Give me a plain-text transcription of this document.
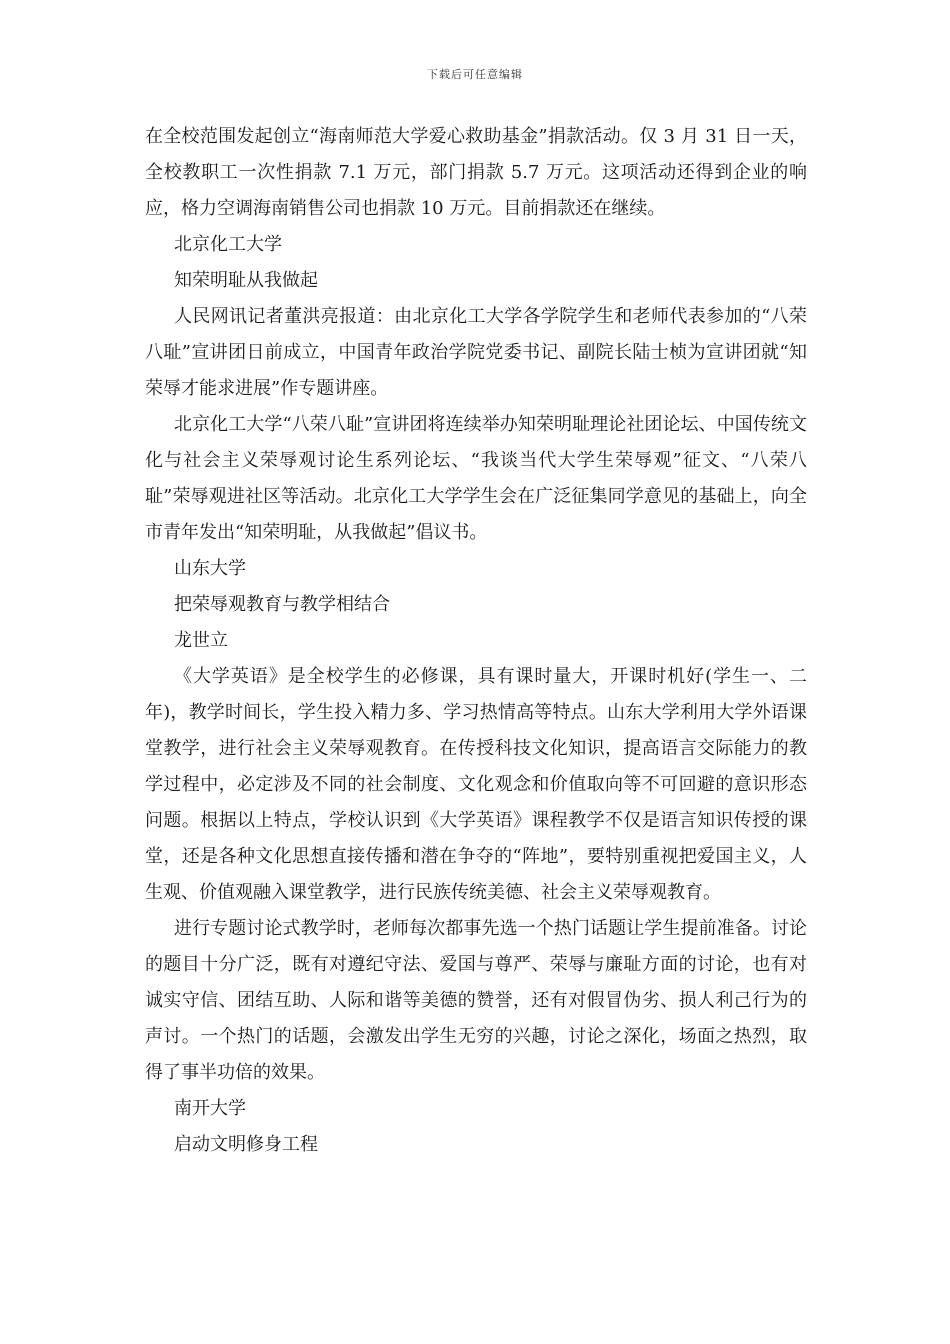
下载后可任意编辑

在全校范围发起创立“海南师范大学爱心救助基金”捐款活动。仅 3 月 31 日一天，全校教职工一次性捐款 7.1 万元，部门捐款 5.7 万元。这项活动还得到企业的响应，格力空调海南销售公司也捐款 10 万元。目前捐款还在继续。

北京化工大学

知荣明耻从我做起

人民网讯记者董洪亮报道：由北京化工大学各学院学生和老师代表参加的“八荣八耻”宣讲团日前成立，中国青年政治学院党委书记、副院长陆士桢为宣讲团就“知荣辱才能求进展”作专题讲座。

北京化工大学“八荣八耻”宣讲团将连续举办知荣明耻理论社团论坛、中国传统文化与社会主义荣辱观讨论生系列论坛、“我谈当代大学生荣辱观”征文、“八荣八耻”荣辱观进社区等活动。北京化工大学学生会在广泛征集同学意见的基础上，向全市青年发出“知荣明耻，从我做起”倡议书。

山东大学

把荣辱观教育与教学相结合

龙世立

《大学英语》是全校学生的必修课，具有课时量大，开课时机好(学生一、二年)，教学时间长，学生投入精力多、学习热情高等特点。山东大学利用大学外语课堂教学，进行社会主义荣辱观教育。在传授科技文化知识，提高语言交际能力的教学过程中，必定涉及不同的社会制度、文化观念和价值取向等不可回避的意识形态问题。根据以上特点，学校认识到《大学英语》课程教学不仅是语言知识传授的课堂，还是各种文化思想直接传播和潜在争夺的“阵地”，要特别重视把爱国主义，人生观、价值观融入课堂教学，进行民族传统美德、社会主义荣辱观教育。

进行专题讨论式教学时，老师每次都事先选一个热门话题让学生提前准备。讨论的题目十分广泛，既有对遵纪守法、爱国与尊严、荣辱与廉耻方面的讨论，也有对诚实守信、团结互助、人际和谐等美德的赞誉，还有对假冒伪劣、损人利己行为的声讨。一个热门的话题，会激发出学生无穷的兴趣，讨论之深化，场面之热烈，取得了事半功倍的效果。

南开大学

启动文明修身工程
